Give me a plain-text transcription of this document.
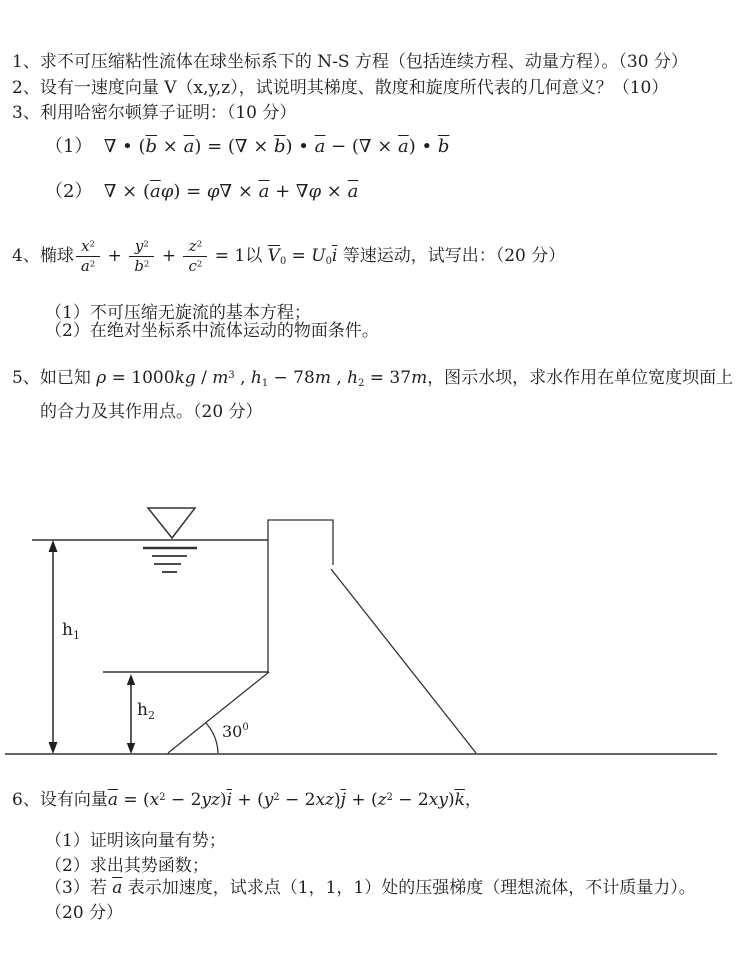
1、求不可压缩粘性流体在球坐标系下的 N-S 方程（包括连续方程、动量方程）。（30 分）
2、设有一速度向量 V（x,y,z），试说明其梯度、散度和旋度所代表的几何意义？（10）
3、利用哈密尔顿算子证明：（10 分）
（1）  ∇ • $(\overline{b} \times \overline{a})$ = (∇ × $\overline{b}$) • $\overline{a}$ − (∇ × $\overline{a}$) • $\overline{b}$
（2）  ∇ × $(\overline{a}\varphi) = \varphi\nabla \times \overline{a} + \nabla\varphi \times \overline{a}$
4、椭球 $\frac{x^2}{a^2} + \frac{y^2}{b^2} + \frac{z^2}{c^2} = 1$以 $\overline{V}0 = U0\overline{i}$ 等速运动，试写出：（20 分）
（1）不可压缩无旋流的基本方程；
（2）在绝对坐标系中流体运动的物面条件。
5、如已知 $\rho = 1000kg / m^3$ , h1 − 78m , h2 = 37m，图示水坝，求水作用在单位宽度坝面上
的合力及其作用点。（20 分）
$h_1$
$h_2$
$30^0$
6、设有向量$\overline{a} = (x^2 - 2yz)\overline{i} + (y^2 - 2xz)\overline{j} + (z^2 - 2xy)\overline{k}$，
（1）证明该向量有势；
（2）求出其势函数；
（3）若 $\overline{a}$ 表示加速度，试求点（1，1，1）处的压强梯度（理想流体，不计质量力）。
（20 分）
